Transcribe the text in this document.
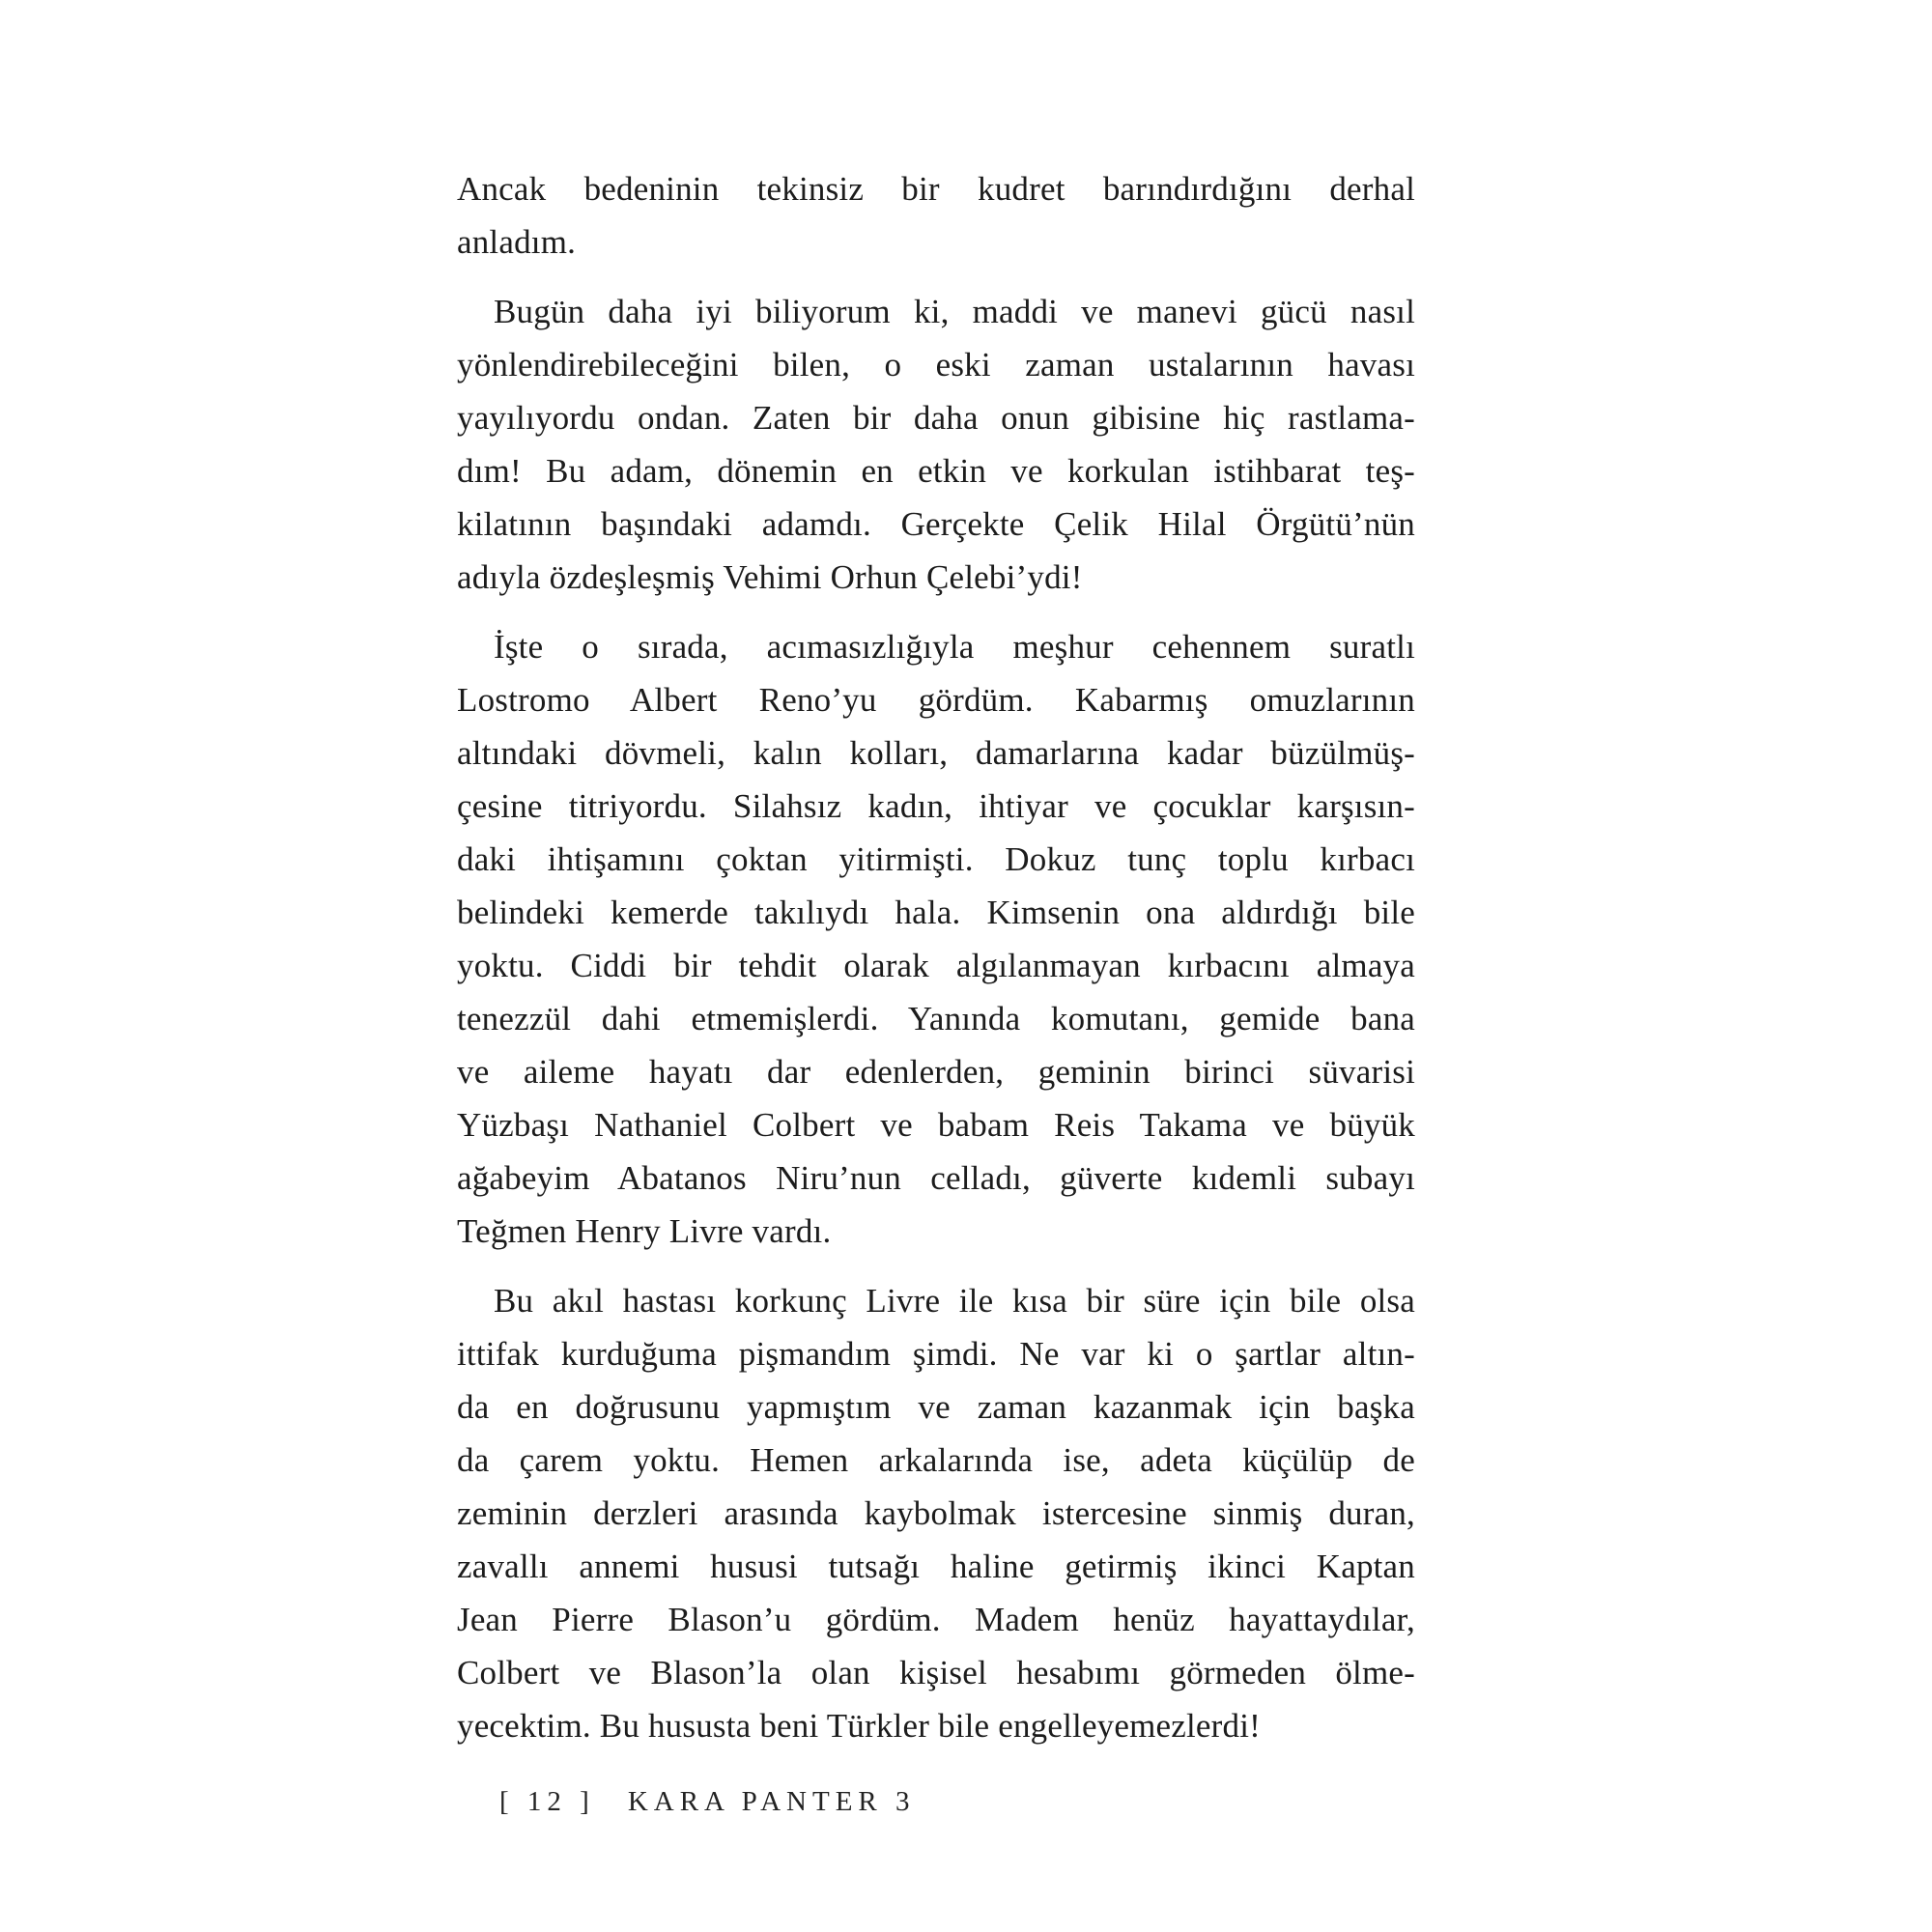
Ancak bedeninin tekinsiz bir kudret barındırdığını derhal
anladım.
Bugün daha iyi biliyorum ki, maddi ve manevi gücü nasıl
yönlendirebileceğini bilen, o eski zaman ustalarının havası
yayılıyordu ondan. Zaten bir daha onun gibisine hiç rastlama-
dım! Bu adam, dönemin en etkin ve korkulan istihbarat teş-
kilatının başındaki adamdı. Gerçekte Çelik Hilal Örgütü’nün
adıyla özdeşleşmiş Vehimi Orhun Çelebi’ydi!
İşte o sırada, acımasızlığıyla meşhur cehennem suratlı
Lostromo Albert Reno’yu gördüm. Kabarmış omuzlarının
altındaki dövmeli, kalın kolları, damarlarına kadar büzülmüş-
çesine titriyordu. Silahsız kadın, ihtiyar ve çocuklar karşısın-
daki ihtişamını çoktan yitirmişti. Dokuz tunç toplu kırbacı
belindeki kemerde takılıydı hala. Kimsenin ona aldırdığı bile
yoktu. Ciddi bir tehdit olarak algılanmayan kırbacını almaya
tenezzül dahi etmemişlerdi. Yanında komutanı, gemide bana
ve aileme hayatı dar edenlerden, geminin birinci süvarisi
Yüzbaşı Nathaniel Colbert ve babam Reis Takama ve büyük
ağabeyim Abatanos Niru’nun celladı, güverte kıdemli subayı
Teğmen Henry Livre vardı.
Bu akıl hastası korkunç Livre ile kısa bir süre için bile olsa
ittifak kurduğuma pişmandım şimdi. Ne var ki o şartlar altın-
da en doğrusunu yapmıştım ve zaman kazanmak için başka
da çarem yoktu. Hemen arkalarında ise, adeta küçülüp de
zeminin derzleri arasında kaybolmak istercesine sinmiş duran,
zavallı annemi hususi tutsağı haline getirmiş ikinci Kaptan
Jean Pierre Blason’u gördüm. Madem henüz hayattaydılar,
Colbert ve Blason’la olan kişisel hesabımı görmeden ölme-
yecektim. Bu hususta beni Türkler bile engelleyemezlerdi!
[ 12 ] KARA PANTER 3
